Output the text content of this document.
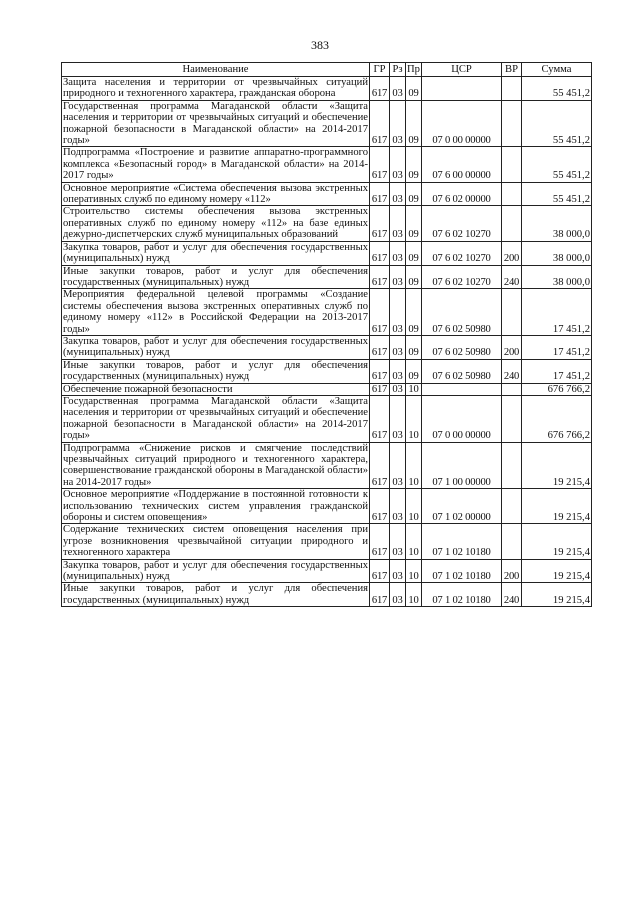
383
Наименование	ГР	Рз	Пр	ЦСР	ВР	Сумма
Защита населения и территории от чрезвычайных ситуаций природного и техногенного характера, гражданская оборона	617	03	09			55 451,2
Государственная программа Магаданской области «Защита населения и территории от чрезвычайных ситуаций и обеспечение пожарной безопасности в Магаданской области» на 2014-2017 годы»	617	03	09	07 0 00 00000		55 451,2
Подпрограмма «Построение и развитие аппаратно-программного комплекса «Безопасный город» в Магаданской области» на 2014-2017 годы»	617	03	09	07 6 00 00000		55 451,2
Основное мероприятие «Система обеспечения вызова экстренных оперативных служб по единому номеру «112»	617	03	09	07 6 02 00000		55 451,2
Строительство системы обеспечения вызова экстренных оперативных служб по единому номеру «112» на базе единых дежурно-диспетчерских служб муниципальных образований	617	03	09	07 6 02 10270		38 000,0
Закупка товаров, работ и услуг для обеспечения государственных (муниципальных) нужд	617	03	09	07 6 02 10270	200	38 000,0
Иные закупки товаров, работ и услуг для обеспечения государственных (муниципальных) нужд	617	03	09	07 6 02 10270	240	38 000,0
Мероприятия федеральной целевой программы «Создание системы обеспечения вызова экстренных оперативных служб по единому номеру «112» в Российской Федерации на 2013-2017 годы»	617	03	09	07 6 02 50980		17 451,2
Закупка товаров, работ и услуг для обеспечения государственных (муниципальных) нужд	617	03	09	07 6 02 50980	200	17 451,2
Иные закупки товаров, работ и услуг для обеспечения государственных (муниципальных) нужд	617	03	09	07 6 02 50980	240	17 451,2
Обеспечение пожарной безопасности	617	03	10			676 766,2
Государственная программа Магаданской области «Защита населения и территории от чрезвычайных ситуаций и обеспечение пожарной безопасности в Магаданской области» на 2014-2017 годы»	617	03	10	07 0 00 00000		676 766,2
Подпрограмма «Снижение рисков и смягчение последствий чрезвычайных ситуаций природного и техногенного характера, совершенствование гражданской обороны в Магаданской области» на 2014-2017 годы»	617	03	10	07 1 00 00000		19 215,4
Основное мероприятие «Поддержание в постоянной готовности к использованию технических систем управления гражданской обороны и систем оповещения»	617	03	10	07 1 02 00000		19 215,4
Содержание технических систем оповещения населения при угрозе возникновения чрезвычайной ситуации природного и техногенного характера	617	03	10	07 1 02 10180		19 215,4
Закупка товаров, работ и услуг для обеспечения государственных (муниципальных) нужд	617	03	10	07 1 02 10180	200	19 215,4
Иные закупки товаров, работ и услуг для обеспечения государственных (муниципальных) нужд	617	03	10	07 1 02 10180	240	19 215,4
